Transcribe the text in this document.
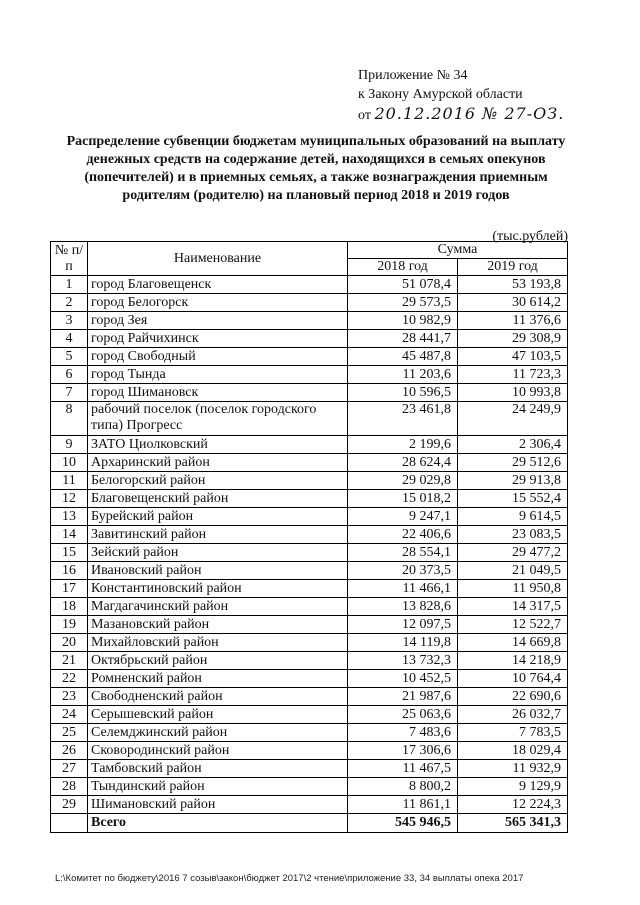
Приложение № 34
к Закону Амурской области
от 20.12.2016 № 27-ОЗ.
Распределение субвенции бюджетам муниципальных образований на выплату денежных средств на содержание детей, находящихся в семьях опекунов (попечителей) и в приемных семьях, а также вознаграждения приемным родителям (родителю) на плановый период 2018 и 2019 годов
(тыс.рублей)
№ п/п	Наименование	Сумма	
		2018 год	2019 год
1	город Благовещенск	51 078,4	53 193,8
2	город Белогорск	29 573,5	30 614,2
3	город Зея	10 982,9	11 376,6
4	город Райчихинск	28 441,7	29 308,9
5	город Свободный	45 487,8	47 103,5
6	город Тында	11 203,6	11 723,3
7	город Шимановск	10 596,5	10 993,8
8	рабочий поселок (поселок городского типа) Прогресс	23 461,8	24 249,9
9	ЗАТО Циолковский	2 199,6	2 306,4
10	Архаринский район	28 624,4	29 512,6
11	Белогорский район	29 029,8	29 913,8
12	Благовещенский район	15 018,2	15 552,4
13	Бурейский район	9 247,1	9 614,5
14	Завитинский район	22 406,6	23 083,5
15	Зейский район	28 554,1	29 477,2
16	Ивановский район	20 373,5	21 049,5
17	Константиновский район	11 466,1	11 950,8
18	Магдагачинский район	13 828,6	14 317,5
19	Мазановский район	12 097,5	12 522,7
20	Михайловский район	14 119,8	14 669,8
21	Октябрьский район	13 732,3	14 218,9
22	Ромненский район	10 452,5	10 764,4
23	Свободненский район	21 987,6	22 690,6
24	Серышевский район	25 063,6	26 032,7
25	Селемджинский район	7 483,6	7 783,5
26	Сковородинский район	17 306,6	18 029,4
27	Тамбовский район	11 467,5	11 932,9
28	Тындинский район	8 800,2	9 129,9
29	Шимановский район	11 861,1	12 224,3
	Всего	545 946,5	565 341,3
L:\Комитет по бюджету\2016 7 созыв\закон\бюджет 2017\2 чтение\приложение 33, 34 выплаты опека 2017
